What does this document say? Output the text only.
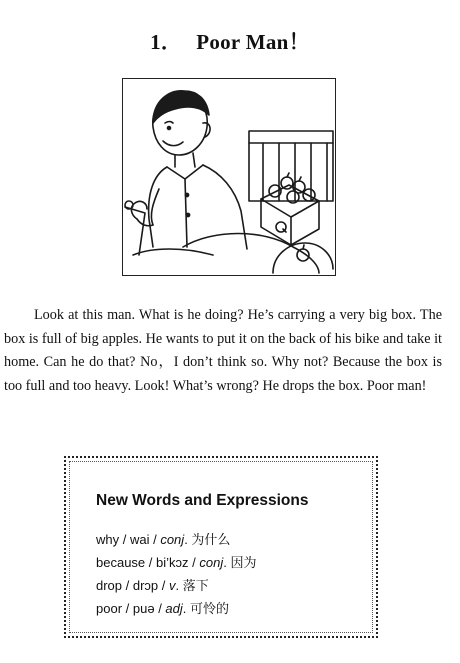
1． Poor Man！

Look at this man. What is he doing? He’s carrying a very big box. The box is full of big apples. He wants to put it on the back of his bike and take it home. Can he do that? No，I don’t think so. Why not? Because the box is too full and too heavy. Look! What’s wrong? He drops the box. Poor man!

New Words and Expressions
why / wai / conj. 为什么
because / bi’kɔz / conj. 因为
drop / drɔp / v. 落下
poor / puə / adj. 可怜的
